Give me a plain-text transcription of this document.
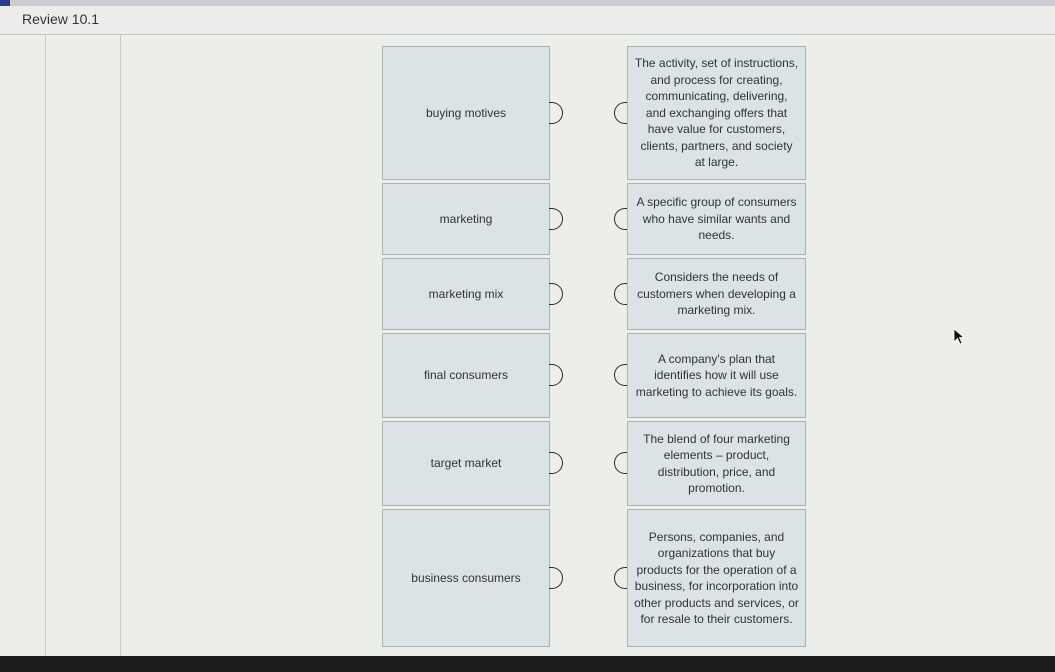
Review 10.1
buying motives
The activity, set of instructions, and process for creating, communicating, delivering, and exchanging offers that have value for customers, clients, partners, and society at large.
marketing
A specific group of consumers who have similar wants and needs.
marketing mix
Considers the needs of customers when developing a marketing mix.
final consumers
A company's plan that identifies how it will use marketing to achieve its goals.
target market
The blend of four marketing elements – product, distribution, price, and promotion.
business consumers
Persons, companies, and organizations that buy products for the operation of a business, for incorporation into other products and services, or for resale to their customers.
